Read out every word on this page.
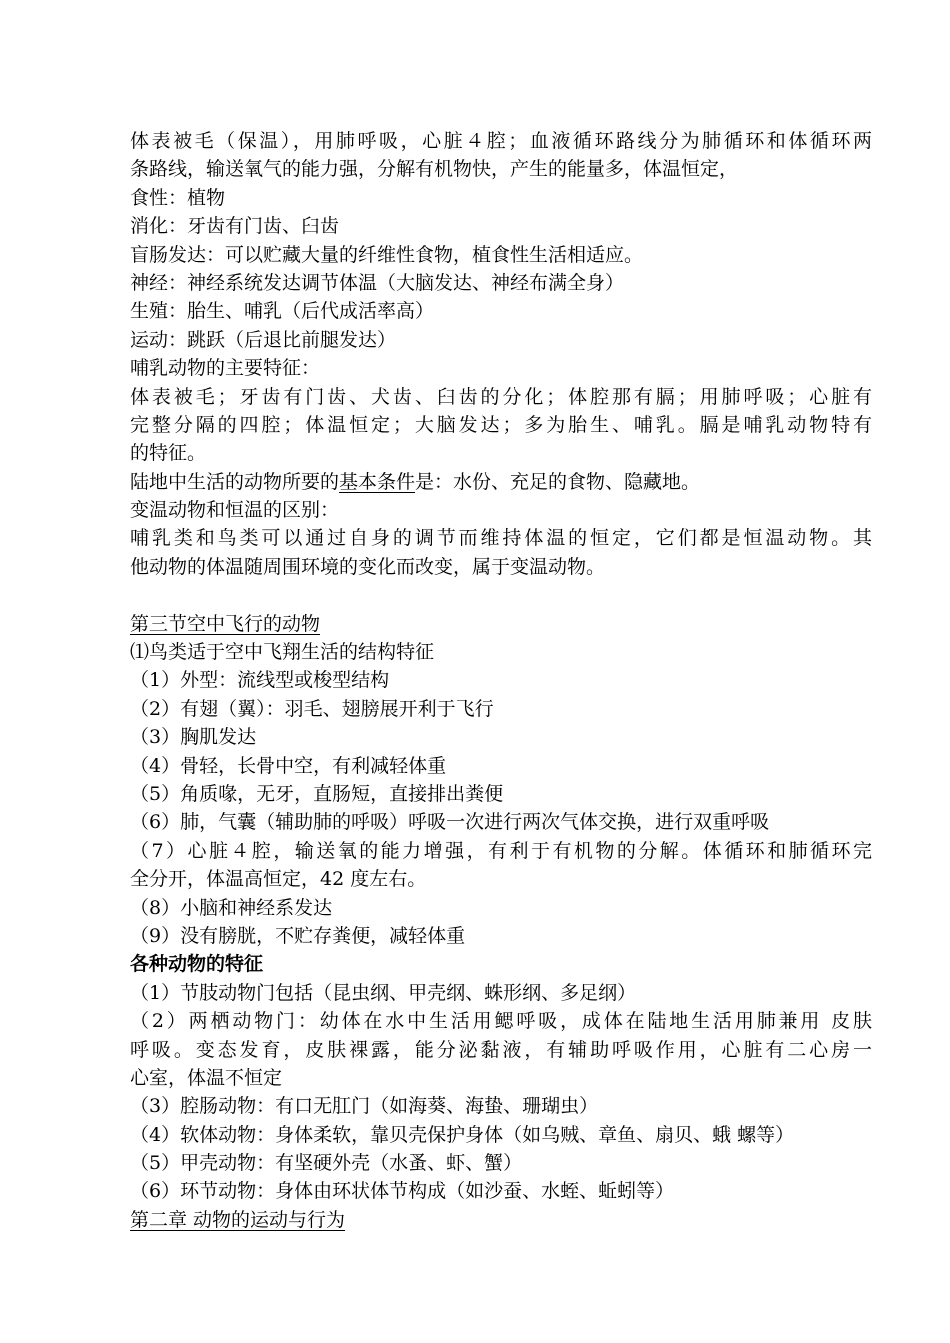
体表被毛（保温），用肺呼吸，心脏４腔；血液循环路线分为肺循环和体循环两
条路线，输送氧气的能力强，分解有机物快，产生的能量多，体温恒定，
食性：植物
消化：牙齿有门齿、臼齿
盲肠发达：可以贮藏大量的纤维性食物，植食性生活相适应。
神经：神经系统发达调节体温（大脑发达、神经布满全身）
生殖：胎生、哺乳（后代成活率高）
运动：跳跃（后退比前腿发达）
哺乳动物的主要特征：
体表被毛；牙齿有门齿、犬齿、臼齿的分化；体腔那有膈；用肺呼吸；心脏有
完整分隔的四腔；体温恒定；大脑发达；多为胎生、哺乳。膈是哺乳动物特有
的特征。
陆地中生活的动物所要的基本条件是：水份、充足的食物、隐藏地。
变温动物和恒温的区别：
哺乳类和鸟类可以通过自身的调节而维持体温的恒定，它们都是恒温动物。其
他动物的体温随周围环境的变化而改变，属于变温动物。
第三节空中飞行的动物
⑴鸟类适于空中飞翔生活的结构特征
（1）外型：流线型或梭型结构
（2）有翅（翼）：羽毛、翅膀展开利于飞行
（3）胸肌发达
（4）骨轻，长骨中空，有利减轻体重
（5）角质喙，无牙，直肠短，直接排出粪便
（6）肺，气囊（辅助肺的呼吸）呼吸一次进行两次气体交换，进行双重呼吸
（7）心脏４腔，输送氧的能力增强，有利于有机物的分解。体循环和肺循环完
全分开，体温高恒定，42 度左右。
（8）小脑和神经系发达
（9）没有膀胱，不贮存粪便，减轻体重
各种动物的特征
（1）节肢动物门包括（昆虫纲、甲壳纲、蛛形纲、多足纲）
（2）两栖动物门：幼体在水中生活用鳃呼吸，成体在陆地生活用肺兼用 皮肤
呼吸。变态发育，皮肤裸露，能分泌黏液，有辅助呼吸作用，心脏有二心房一
心室，体温不恒定
（3）腔肠动物：有口无肛门（如海葵、海蛰、珊瑚虫）
（4）软体动物：身体柔软，靠贝壳保护身体（如乌贼、章鱼、扇贝、蛾 螺等）
（5）甲壳动物：有坚硬外壳（水蚤、虾、蟹）
（6）环节动物：身体由环状体节构成（如沙蚕、水蛭、蚯蚓等）
第二章 动物的运动与行为
